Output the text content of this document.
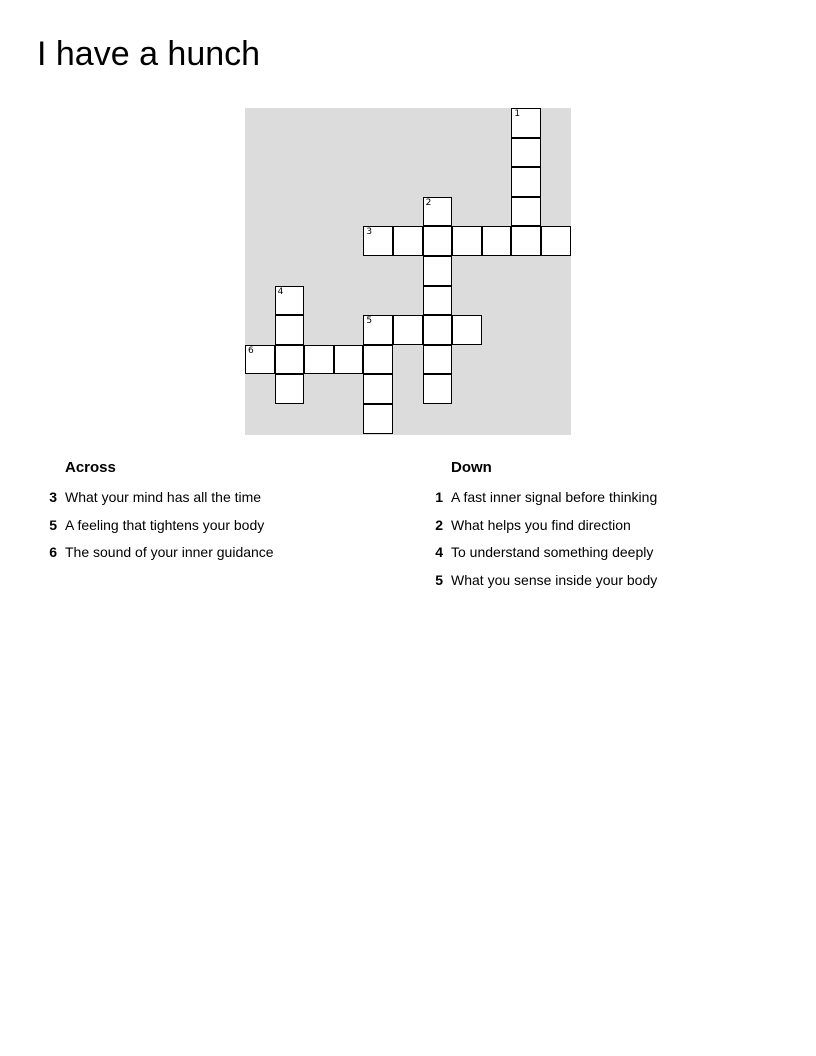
I have a hunch
1
2
3
4
5
6
Across
3 What your mind has all the time
5 A feeling that tightens your body
6 The sound of your inner guidance
Down
1 A fast inner signal before thinking
2 What helps you find direction
4 To understand something deeply
5 What you sense inside your body
